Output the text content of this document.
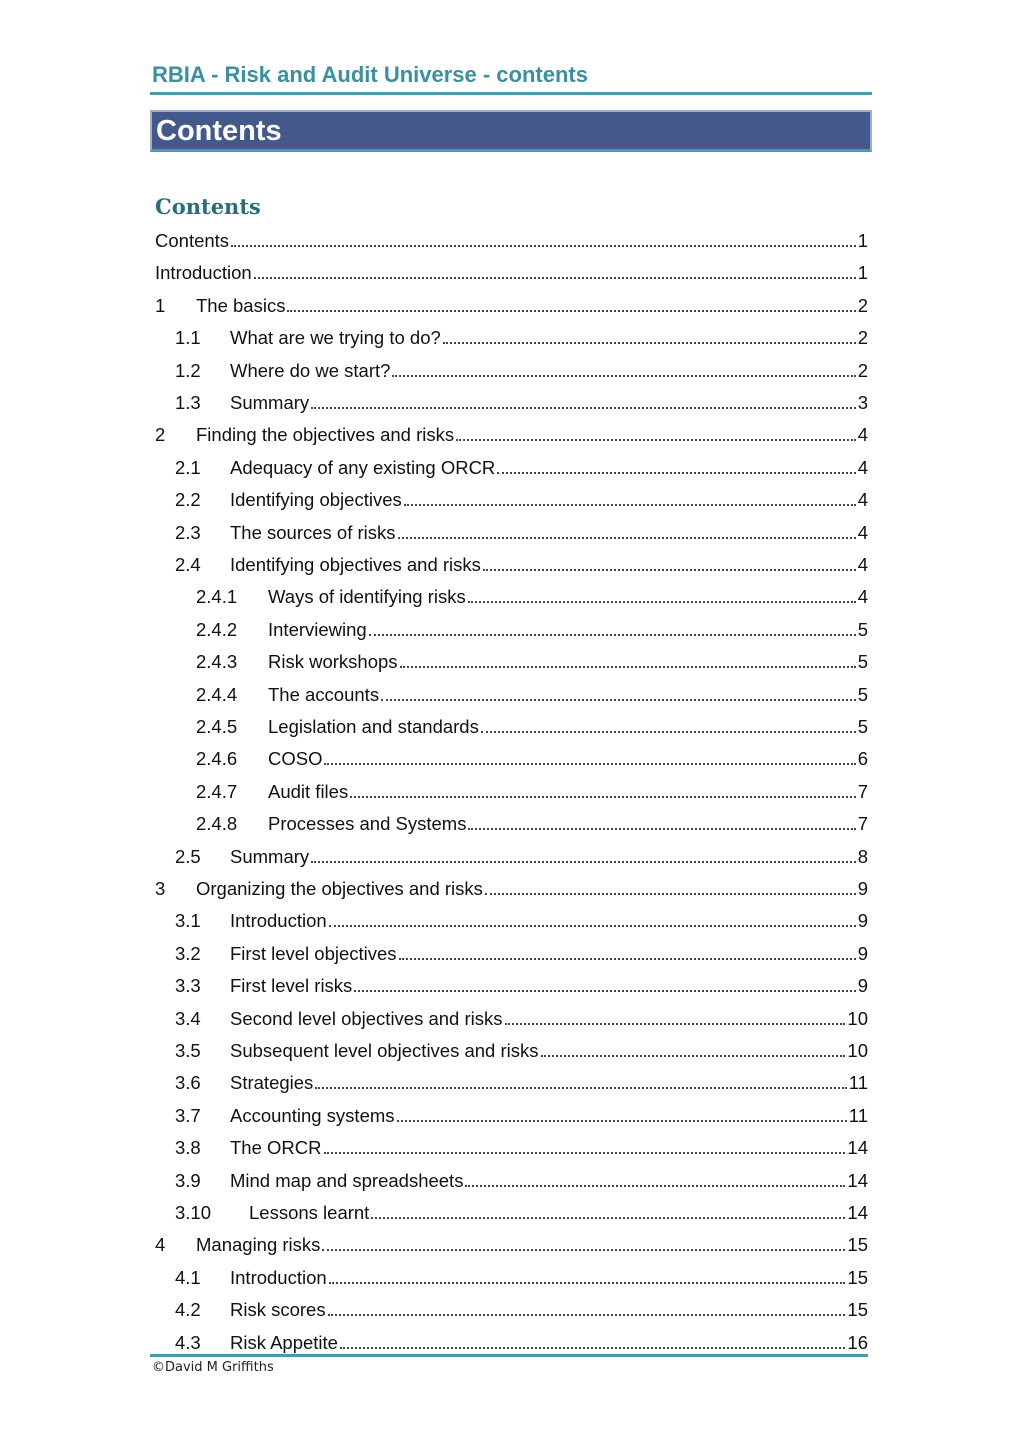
RBIA - Risk and Audit Universe - contents
Contents
Contents
Contents	1
Introduction	1
1	The basics	2
1.1	What are we trying to do?	2
1.2	Where do we start?	2
1.3	Summary	3
2	Finding the objectives and risks	4
2.1	Adequacy of any existing ORCR	4
2.2	Identifying objectives	4
2.3	The sources of risks	4
2.4	Identifying objectives and risks	4
2.4.1	Ways of identifying risks	4
2.4.2	Interviewing	5
2.4.3	Risk workshops	5
2.4.4	The accounts	5
2.4.5	Legislation and standards	5
2.4.6	COSO	6
2.4.7	Audit files	7
2.4.8	Processes and Systems	7
2.5	Summary	8
3	Organizing the objectives and risks	9
3.1	Introduction	9
3.2	First level objectives	9
3.3	First level risks	9
3.4	Second level objectives and risks	10
3.5	Subsequent level objectives and risks	10
3.6	Strategies	11
3.7	Accounting systems	11
3.8	The ORCR	14
3.9	Mind map and spreadsheets	14
3.10	Lessons learnt	14
4	Managing risks	15
4.1	Introduction	15
4.2	Risk scores	15
4.3	Risk Appetite	16
©David M Griffiths
